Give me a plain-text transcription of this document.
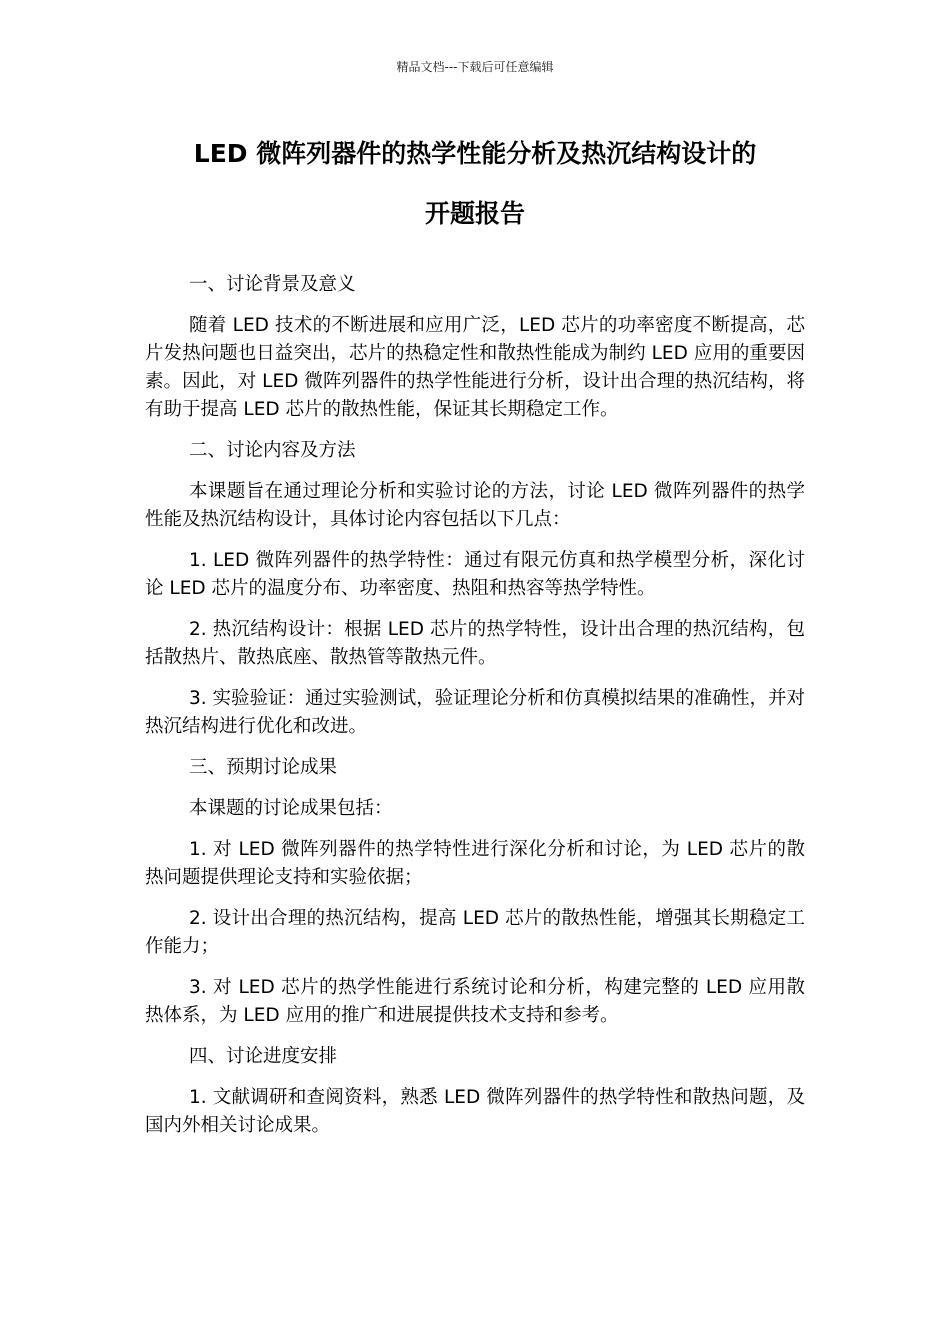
精品文档---下载后可任意编辑
LED 微阵列器件的热学性能分析及热沉结构设计的
开题报告

一、讨论背景及意义

随着 LED 技术的不断进展和应用广泛，LED 芯片的功率密度不断提高，芯片发热问题也日益突出，芯片的热稳定性和散热性能成为制约 LED 应用的重要因素。因此，对 LED 微阵列器件的热学性能进行分析，设计出合理的热沉结构，将有助于提高 LED 芯片的散热性能，保证其长期稳定工作。

二、讨论内容及方法

本课题旨在通过理论分析和实验讨论的方法，讨论 LED 微阵列器件的热学性能及热沉结构设计，具体讨论内容包括以下几点：

1. LED 微阵列器件的热学特性：通过有限元仿真和热学模型分析，深化讨论 LED 芯片的温度分布、功率密度、热阻和热容等热学特性。

2. 热沉结构设计：根据 LED 芯片的热学特性，设计出合理的热沉结构，包括散热片、散热底座、散热管等散热元件。

3. 实验验证：通过实验测试，验证理论分析和仿真模拟结果的准确性，并对热沉结构进行优化和改进。

三、预期讨论成果

本课题的讨论成果包括：

1. 对 LED 微阵列器件的热学特性进行深化分析和讨论，为 LED 芯片的散热问题提供理论支持和实验依据；

2. 设计出合理的热沉结构，提高 LED 芯片的散热性能，增强其长期稳定工作能力；

3. 对 LED 芯片的热学性能进行系统讨论和分析，构建完整的 LED 应用散热体系，为 LED 应用的推广和进展提供技术支持和参考。

四、讨论进度安排

1. 文献调研和查阅资料，熟悉 LED 微阵列器件的热学特性和散热问题，及国内外相关讨论成果。
